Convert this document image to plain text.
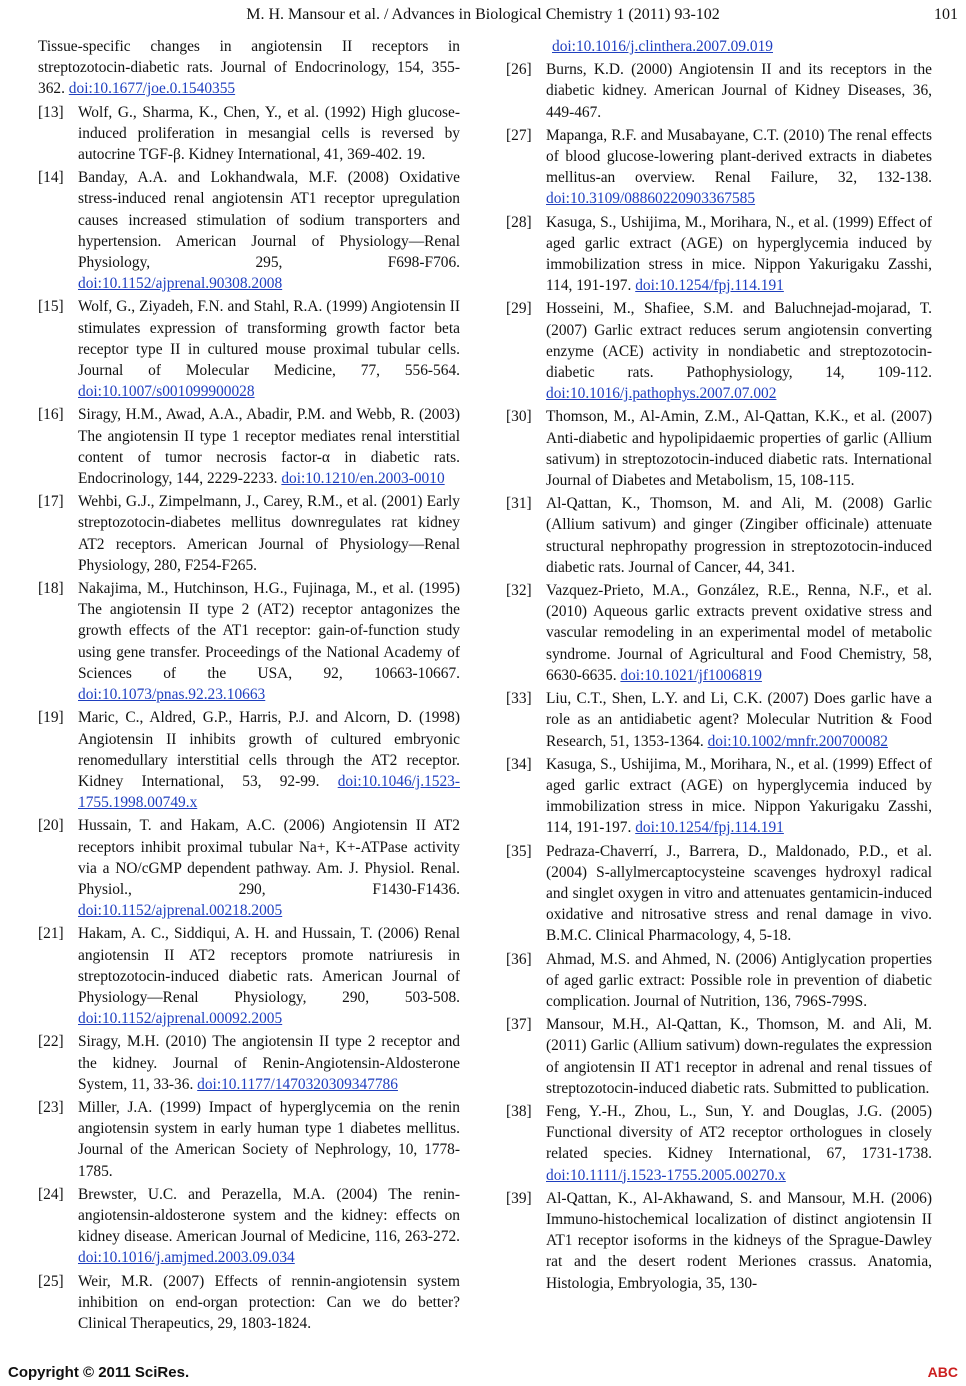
M. H. Mansour et al. / Advances in Biological Chemistry 1 (2011) 93-102	101
Tissue-specific changes in angiotensin II receptors in streptozotocin-diabetic rats. Journal of Endocrinology, 154, 355-362. doi:10.1677/joe.0.1540355
[13] Wolf, G., Sharma, K., Chen, Y., et al. (1992) High glucose-induced proliferation in mesangial cells is reversed by autocrine TGF-β. Kidney International, 41, 369-402. 19.
[14] Banday, A.A. and Lokhandwala, M.F. (2008) Oxidative stress-induced renal angiotensin AT1 receptor upregulation causes increased stimulation of sodium transporters and hypertension. American Journal of Physiology—Renal Physiology, 295, F698-F706. doi:10.1152/ajprenal.90308.2008
[15] Wolf, G., Ziyadeh, F.N. and Stahl, R.A. (1999) Angiotensin II stimulates expression of transforming growth factor beta receptor type II in cultured mouse proximal tubular cells. Journal of Molecular Medicine, 77, 556-564. doi:10.1007/s001099900028
[16] Siragy, H.M., Awad, A.A., Abadir, P.M. and Webb, R. (2003) The angiotensin II type 1 receptor mediates renal interstitial content of tumor necrosis factor-α in diabetic rats. Endocrinology, 144, 2229-2233. doi:10.1210/en.2003-0010
[17] Wehbi, G.J., Zimpelmann, J., Carey, R.M., et al. (2001) Early streptozotocin-diabetes mellitus downregulates rat kidney AT2 receptors. American Journal of Physiology—Renal Physiology, 280, F254-F265.
[18] Nakajima, M., Hutchinson, H.G., Fujinaga, M., et al. (1995) The angiotensin II type 2 (AT2) receptor antagonizes the growth effects of the AT1 receptor: gain-of-function study using gene transfer. Proceedings of the National Academy of Sciences of the USA, 92, 10663-10667. doi:10.1073/pnas.92.23.10663
[19] Maric, C., Aldred, G.P., Harris, P.J. and Alcorn, D. (1998) Angiotensin II inhibits growth of cultured embryonic renomedullary interstitial cells through the AT2 receptor. Kidney International, 53, 92-99. doi:10.1046/j.1523-1755.1998.00749.x
[20] Hussain, T. and Hakam, A.C. (2006) Angiotensin II AT2 receptors inhibit proximal tubular Na+, K+-ATPase activity via a NO/cGMP dependent pathway. Am. J. Physiol. Renal. Physiol., 290, F1430-F1436. doi:10.1152/ajprenal.00218.2005
[21] Hakam, A. C., Siddiqui, A. H. and Hussain, T. (2006) Renal angiotensin II AT2 receptors promote natriuresis in streptozotocin-induced diabetic rats. American Journal of Physiology—Renal Physiology, 290, 503-508. doi:10.1152/ajprenal.00092.2005
[22] Siragy, M.H. (2010) The angiotensin II type 2 receptor and the kidney. Journal of Renin-Angiotensin-Aldosterone System, 11, 33-36. doi:10.1177/1470320309347786
[23] Miller, J.A. (1999) Impact of hyperglycemia on the renin angiotensin system in early human type 1 diabetes mellitus. Journal of the American Society of Nephrology, 10, 1778-1785.
[24] Brewster, U.C. and Perazella, M.A. (2004) The renin-angiotensin-aldosterone system and the kidney: effects on kidney disease. American Journal of Medicine, 116, 263-272. doi:10.1016/j.amjmed.2003.09.034
[25] Weir, M.R. (2007) Effects of rennin-angiotensin system inhibition on end-organ protection: Can we do better? Clinical Therapeutics, 29, 1803-1824.
doi:10.1016/j.clinthera.2007.09.019
[26] Burns, K.D. (2000) Angiotensin II and its receptors in the diabetic kidney. American Journal of Kidney Diseases, 36, 449-467.
[27] Mapanga, R.F. and Musabayane, C.T. (2010) The renal effects of blood glucose-lowering plant-derived extracts in diabetes mellitus-an overview. Renal Failure, 32, 132-138. doi:10.3109/08860220903367585
[28] Kasuga, S., Ushijima, M., Morihara, N., et al. (1999) Effect of aged garlic extract (AGE) on hyperglycemia induced by immobilization stress in mice. Nippon Yakurigaku Zasshi, 114, 191-197. doi:10.1254/fpj.114.191
[29] Hosseini, M., Shafiee, S.M. and Baluchnejad-mojarad, T. (2007) Garlic extract reduces serum angiotensin converting enzyme (ACE) activity in nondiabetic and streptozotocin-diabetic rats. Pathophysiology, 14, 109-112. doi:10.1016/j.pathophys.2007.07.002
[30] Thomson, M., Al-Amin, Z.M., Al-Qattan, K.K., et al. (2007) Anti-diabetic and hypolipidaemic properties of garlic (Allium sativum) in streptozotocin-induced diabetic rats. International Journal of Diabetes and Metabolism, 15, 108-115.
[31] Al-Qattan, K., Thomson, M. and Ali, M. (2008) Garlic (Allium sativum) and ginger (Zingiber officinale) attenuate structural nephropathy progression in streptozotocin-induced diabetic rats. Journal of Cancer, 44, 341.
[32] Vazquez-Prieto, M.A., González, R.E., Renna, N.F., et al. (2010) Aqueous garlic extracts prevent oxidative stress and vascular remodeling in an experimental model of metabolic syndrome. Journal of Agricultural and Food Chemistry, 58, 6630-6635. doi:10.1021/jf1006819
[33] Liu, C.T., Shen, L.Y. and Li, C.K. (2007) Does garlic have a role as an antidiabetic agent? Molecular Nutrition & Food Research, 51, 1353-1364. doi:10.1002/mnfr.200700082
[34] Kasuga, S., Ushijima, M., Morihara, N., et al. (1999) Effect of aged garlic extract (AGE) on hyperglycemia induced by immobilization stress in mice. Nippon Yakurigaku Zasshi, 114, 191-197. doi:10.1254/fpj.114.191
[35] Pedraza-Chaverrí, J., Barrera, D., Maldonado, P.D., et al. (2004) S-allylmercaptocysteine scavenges hydroxyl radical and singlet oxygen in vitro and attenuates gentamicin-induced oxidative and nitrosative stress and renal damage in vivo. B.M.C. Clinical Pharmacology, 4, 5-18.
[36] Ahmad, M.S. and Ahmed, N. (2006) Antiglycation properties of aged garlic extract: Possible role in prevention of diabetic complication. Journal of Nutrition, 136, 796S-799S.
[37] Mansour, M.H., Al-Qattan, K., Thomson, M. and Ali, M. (2011) Garlic (Allium sativum) down-regulates the expression of angiotensin II AT1 receptor in adrenal and renal tissues of streptozotocin-induced diabetic rats. Submitted to publication.
[38] Feng, Y.-H., Zhou, L., Sun, Y. and Douglas, J.G. (2005) Functional diversity of AT2 receptor orthologues in closely related species. Kidney International, 67, 1731-1738. doi:10.1111/j.1523-1755.2005.00270.x
[39] Al-Qattan, K., Al-Akhawand, S. and Mansour, M.H. (2006) Immuno-histochemical localization of distinct angiotensin II AT1 receptor isoforms in the kidneys of the Sprague-Dawley rat and the desert rodent Meriones crassus. Anatomia, Histologia, Embryologia, 35, 130-
Copyright © 2011 SciRes.	ABC
